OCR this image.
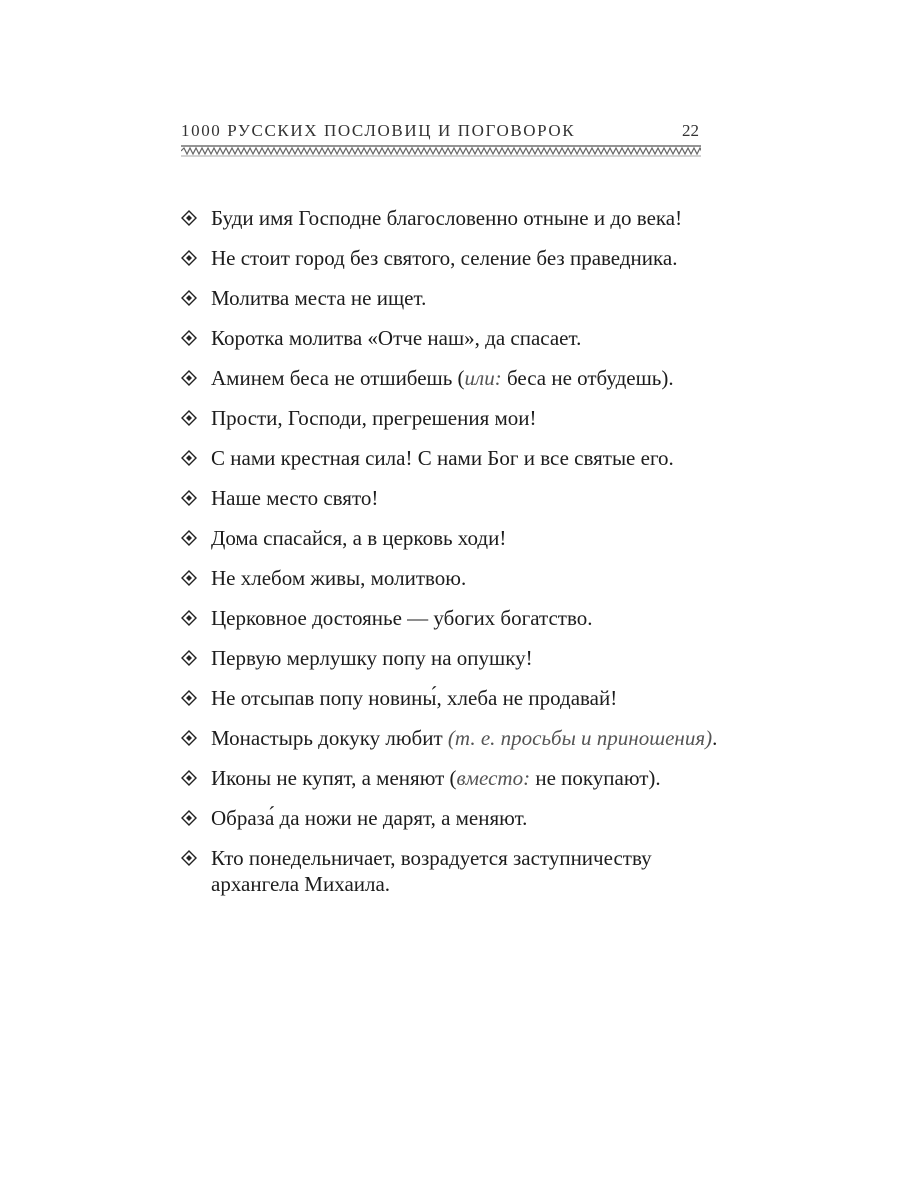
1000 РУССКИХ ПОСЛОВИЦ И ПОГОВОРОК	22
Буди имя Господне благословенно отныне и до века!
Не стоит город без святого, селение без праведника.
Молитва места не ищет.
Коротка молитва «Отче наш», да спасает.
Аминем беса не отшибешь (или: беса не отбудешь).
Прости, Господи, прегрешения мои!
С нами крестная сила! С нами Бог и все святые его.
Наше место свято!
Дома спасайся, а в церковь ходи!
Не хлебом живы, молитвою.
Церковное достоянье — убогих богатство.
Первую мерлушку попу на опушку!
Не отсыпав попу новины́, хлеба не продавай!
Монастырь докуку любит (т. е. просьбы и приношения).
Иконы не купят, а меняют (вместо: не покупают).
Образа́ да ножи не дарят, а меняют.
Кто понедельничает, возрадуется заступничеству архангела Михаила.
